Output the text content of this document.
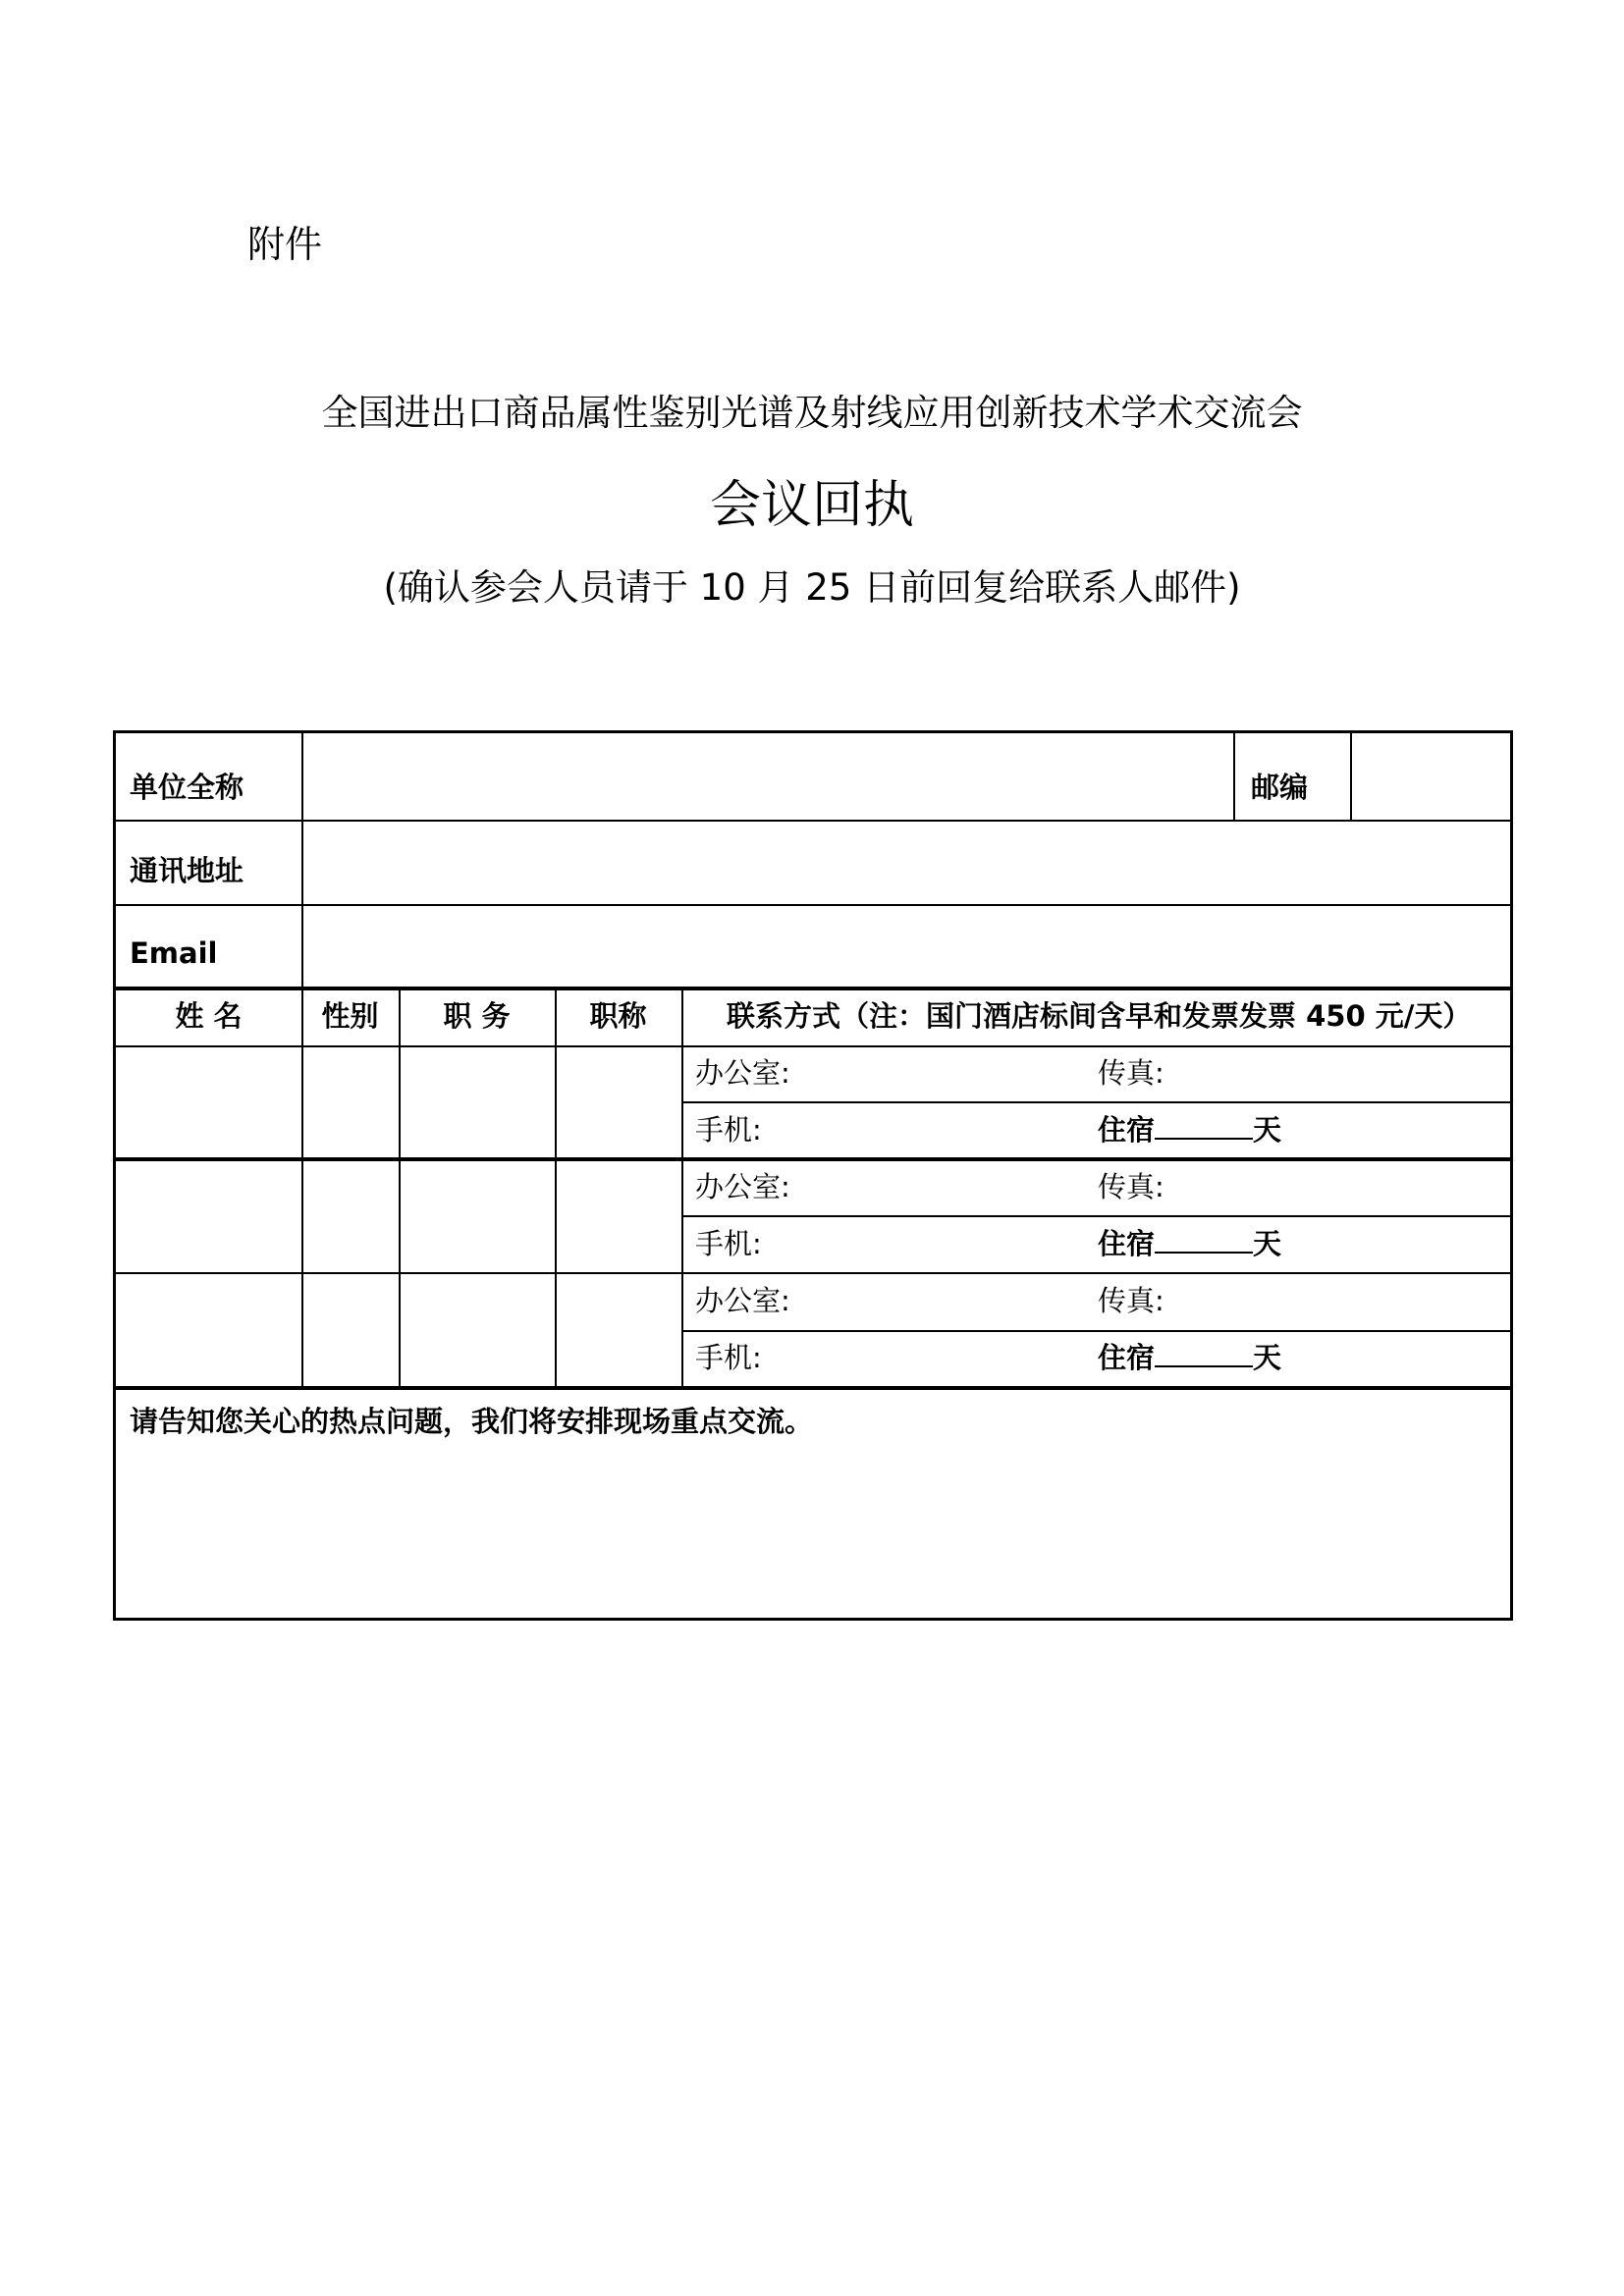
附件
全国进出口商品属性鉴别光谱及射线应用创新技术学术交流会
会议回执
(确认参会人员请于 10 月 25 日前回复给联系人邮件)
单位全称	邮编
通讯地址
Email
姓 名	性别	职 务	职称	联系方式（注：国门酒店标间含早和发票发票 450 元/天）
办公室:	传真:
手机:	住宿	天
办公室:	传真:
手机:	住宿	天
办公室:	传真:
手机:	住宿	天
请告知您关心的热点问题，我们将安排现场重点交流。
